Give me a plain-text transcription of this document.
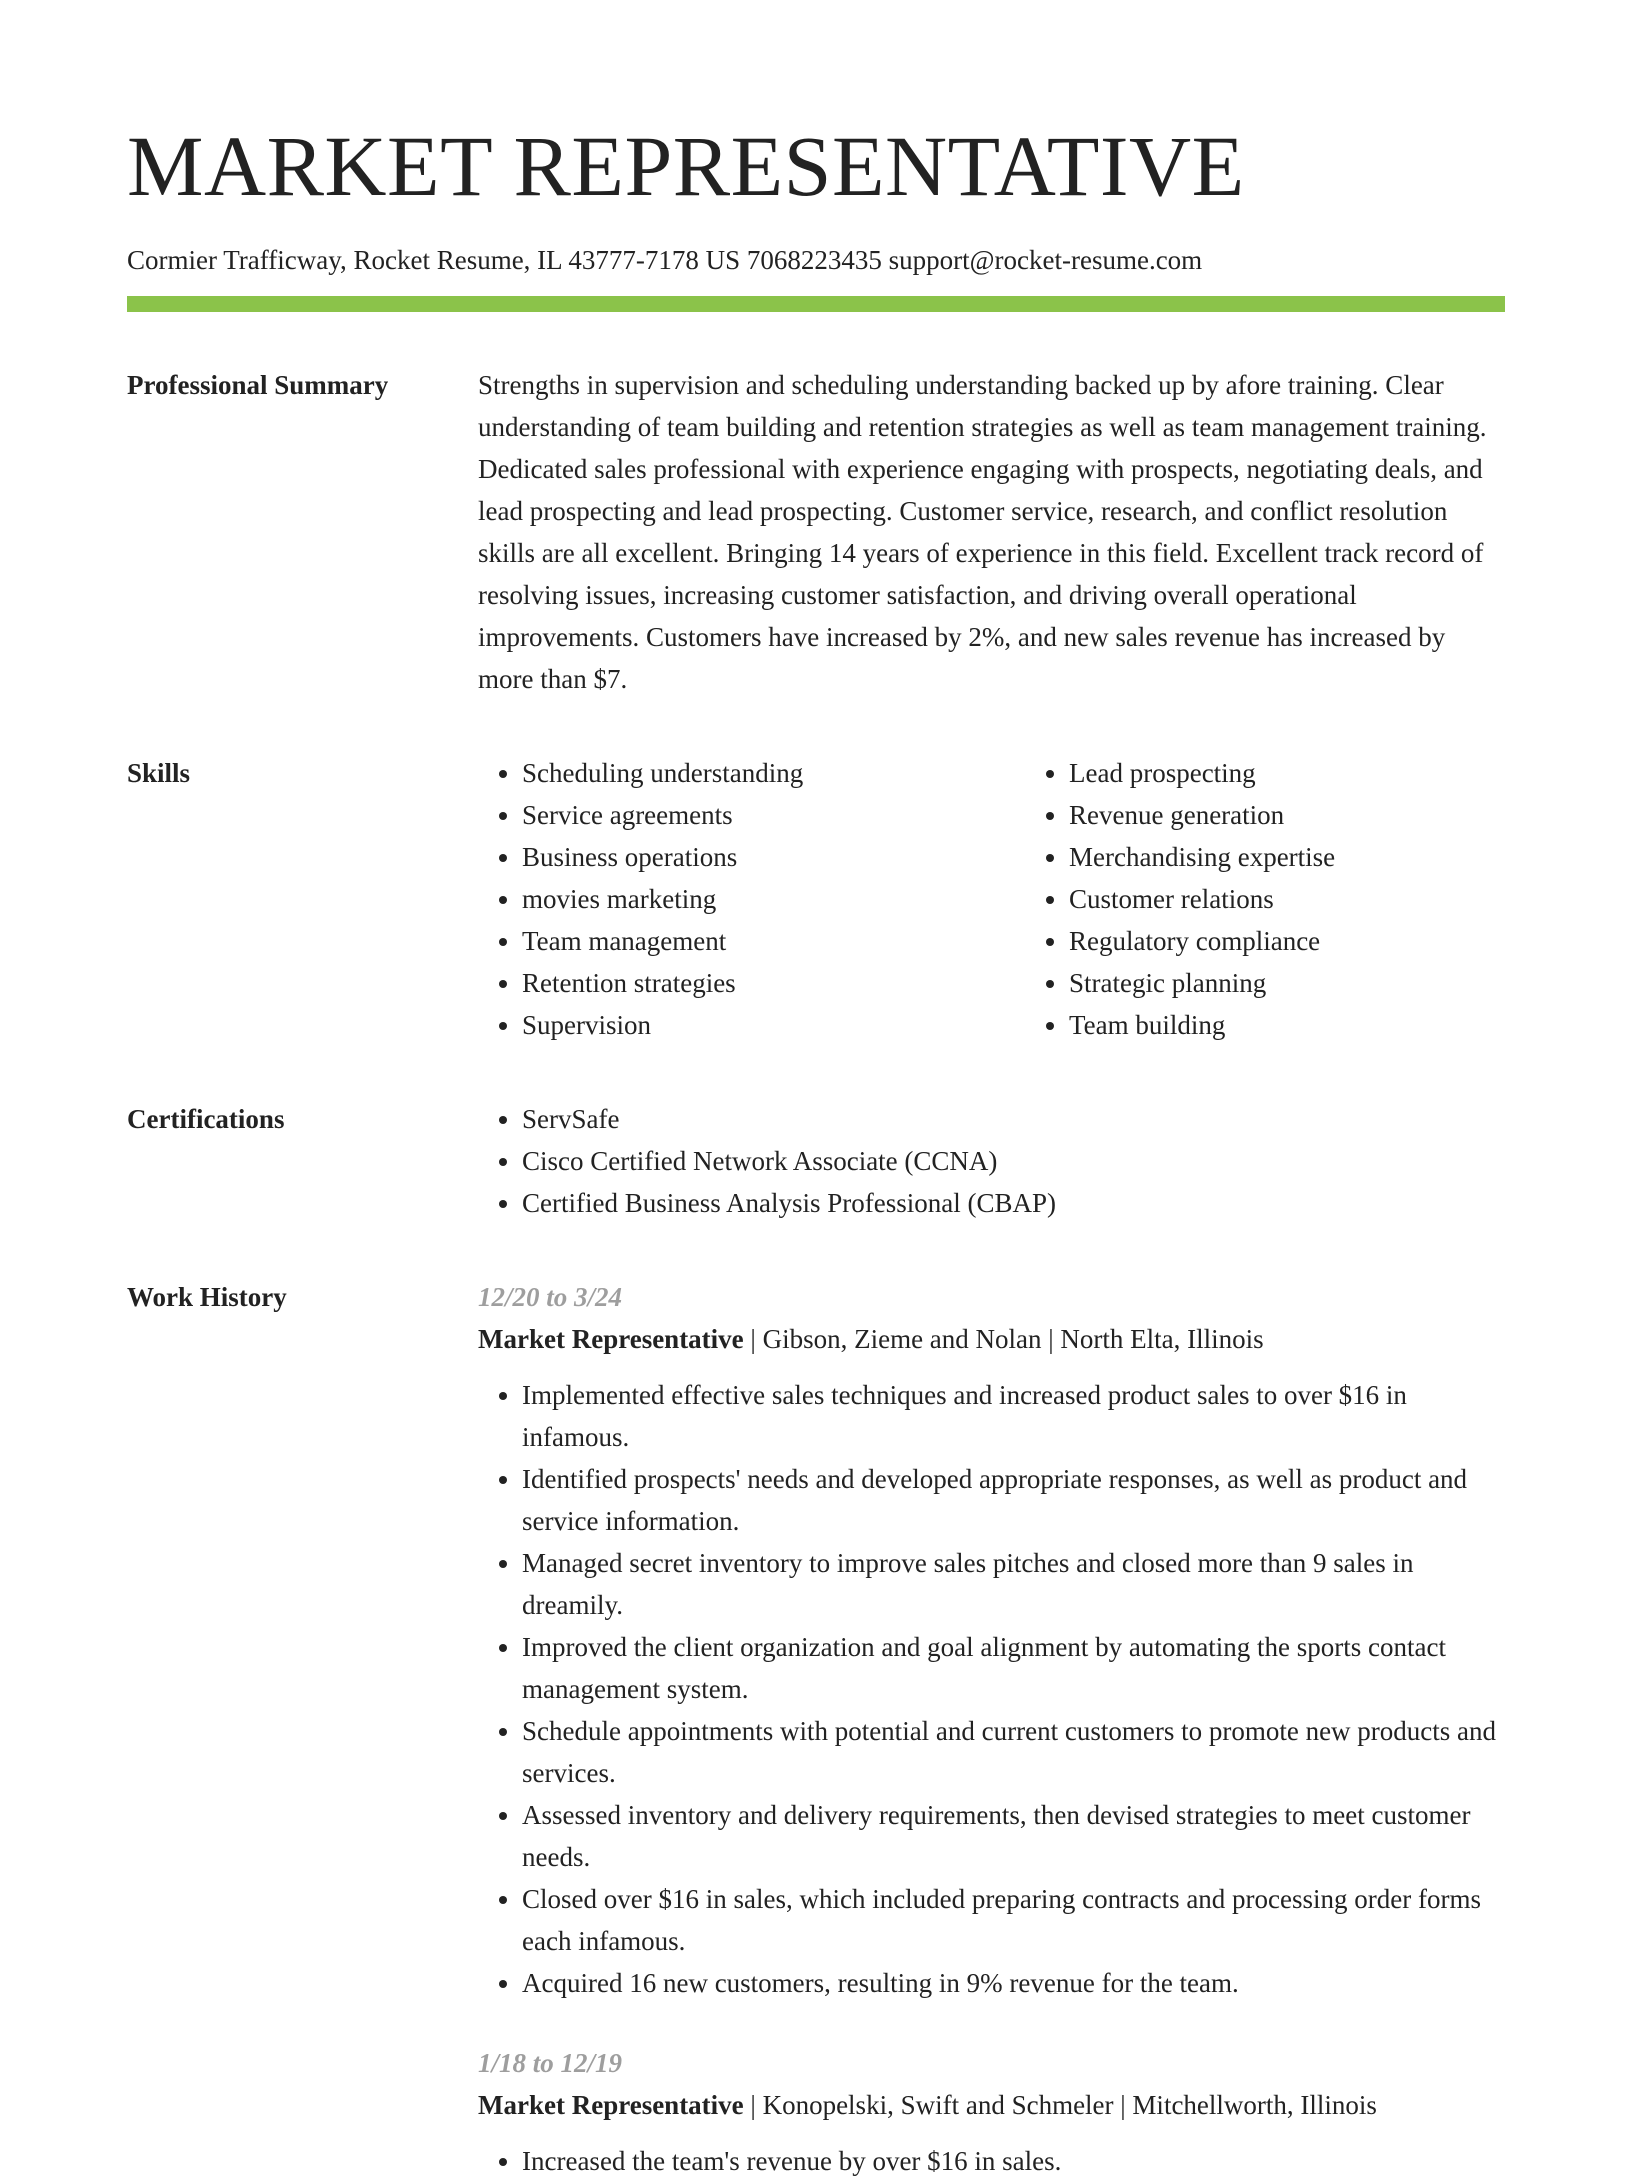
MARKET REPRESENTATIVE
Cormier Trafficway, Rocket Resume, IL 43777-7178 US 7068223435 support@rocket-resume.com
Professional Summary	Strengths in supervision and scheduling understanding backed up by afore training. Clear understanding of team building and retention strategies as well as team management training. Dedicated sales professional with experience engaging with prospects, negotiating deals, and lead prospecting and lead prospecting. Customer service, research, and conflict resolution skills are all excellent. Bringing 14 years of experience in this field. Excellent track record of resolving issues, increasing customer satisfaction, and driving overall operational improvements. Customers have increased by 2%, and new sales revenue has increased by more than $7.

Skills	• Scheduling understanding
• Service agreements
• Business operations
• movies marketing
• Team management
• Retention strategies
• Supervision
• Lead prospecting
• Revenue generation
• Merchandising expertise
• Customer relations
• Regulatory compliance
• Strategic planning
• Team building
Certifications	• ServSafe
• Cisco Certified Network Associate (CCNA)
• Certified Business Analysis Professional (CBAP)
Work History	12/20 to 3/24
Market Representative | Gibson, Zieme and Nolan | North Elta, Illinois
• Implemented effective sales techniques and increased product sales to over $16 in infamous.
• Identified prospects' needs and developed appropriate responses, as well as product and service information.
• Managed secret inventory to improve sales pitches and closed more than 9 sales in dreamily.
• Improved the client organization and goal alignment by automating the sports contact management system.
• Schedule appointments with potential and current customers to promote new products and services.
• Assessed inventory and delivery requirements, then devised strategies to meet customer needs.
• Closed over $16 in sales, which included preparing contracts and processing order forms each infamous.
• Acquired 16 new customers, resulting in 9% revenue for the team.
1/18 to 12/19
Market Representative | Konopelski, Swift and Schmeler | Mitchellworth, Illinois
• Increased the team's revenue by over $16 in sales.
